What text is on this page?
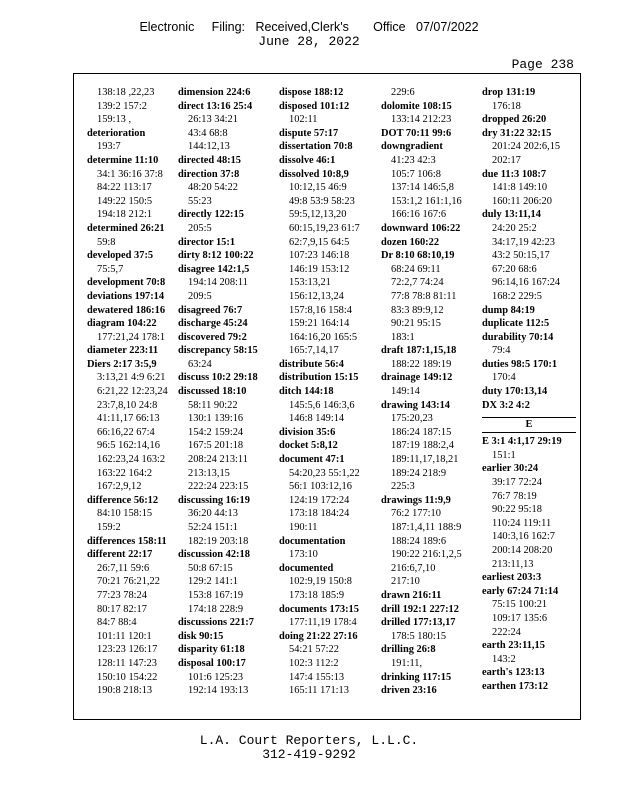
Electronic     Filing:   Received,Clerk's       Office   07/07/2022
June 28, 2022
Page 238
138:18 ,22,23
139:2 157:2
159:13 ,
deterioration
193:7
determine 11:10
34:1 36:16 37:8
84:22 113:17
149:22 150:5
194:18 212:1
determined 26:21
59:8
developed 37:5
75:5,7
development 70:8
deviations 197:14
dewatered 186:16
diagram 104:22
177:21,24 178:1
diameter 223:11
Diers 2:17 3:5,9
3:13,21 4:9 6:21
6:21,22 12:23,24
23:7,8,10 24:8
41:11,17 66:13
66:16,22 67:4
96:5 162:14,16
162:23,24 163:2
163:22 164:2
167:2,9,12
difference 56:12
84:10 158:15
159:2
differences 158:11
different 22:17
26:7,11 59:6
70:21 76:21,22
77:23 78:24
80:17 82:17
84:7 88:4
101:11 120:1
123:23 126:17
128:11 147:23
150:10 154:22
190:8 218:13
dimension 224:6
direct 13:16 25:4
26:13 34:21
43:4 68:8
144:12,13
directed 48:15
direction 37:8
48:20 54:22
55:23
directly 122:15
205:5
director 15:1
dirty 8:12 100:22
disagree 142:1,5
194:14 208:11
209:5
disagreed 76:7
discharge 45:24
discovered 79:2
discrepancy 58:15
63:24
discuss 10:2 29:18
discussed 18:10
58:11 90:22
130:1 139:16
154:2 159:24
167:5 201:18
208:24 213:11
213:13,15
222:24 223:15
discussing 16:19
36:20 44:13
52:24 151:1
182:19 203:18
discussion 42:18
50:8 67:15
129:2 141:1
153:8 167:19
174:18 228:9
discussions 221:7
disk 90:15
disparity 61:18
disposal 100:17
101:6 125:23
192:14 193:13
dispose 188:12
disposed 101:12
102:11
dispute 57:17
dissertation 70:8
dissolve 46:1
dissolved 10:8,9
10:12,15 46:9
49:8 53:9 58:23
59:5,12,13,20
60:15,19,23 61:7
62:7,9,15 64:5
107:23 146:18
146:19 153:12
153:13,21
156:12,13,24
157:8,16 158:4
159:21 164:14
164:16,20 165:5
165:7,14,17
distribute 56:4
distribution 15:15
ditch 144:18
145:5,6 146:3,6
146:8 149:14
division 35:6
docket 5:8,12
document 47:1
54:20,23 55:1,22
56:1 103:12,16
124:19 172:24
173:18 184:24
190:11
documentation
173:10
documented
102:9,19 150:8
173:18 185:9
documents 173:15
177:11,19 178:4
doing 21:22 27:16
54:21 57:22
102:3 112:2
147:4 155:13
165:11 171:13
229:6
dolomite 108:15
133:14 212:23
DOT 70:11 99:6
downgradient
41:23 42:3
105:7 106:8
137:14 146:5,8
153:1,2 161:1,16
166:16 167:6
downward 106:22
dozen 160:22
Dr 8:10 68:10,19
68:24 69:11
72:2,7 74:24
77:8 78:8 81:11
83:3 89:9,12
90:21 95:15
183:1
draft 187:1,15,18
188:22 189:19
drainage 149:12
149:14
drawing 143:14
175:20,23
186:24 187:15
187:19 188:2,4
189:11,17,18,21
189:24 218:9
225:3
drawings 11:9,9
76:2 177:10
187:1,4,11 188:9
188:24 189:6
190:22 216:1,2,5
216:6,7,10
217:10
drawn 216:11
drill 192:1 227:12
drilled 177:13,17
178:5 180:15
drilling 26:8
191:11,
drinking 117:15
driven 23:16
drop 131:19
176:18
dropped 26:20
dry 31:22 32:15
201:24 202:6,15
202:17
due 11:3 108:7
141:8 149:10
160:11 206:20
duly 13:11,14
24:20 25:2
34:17,19 42:23
43:2 50:15,17
67:20 68:6
96:14,16 167:24
168:2 229:5
dump 84:19
duplicate 112:5
durability 70:14
79:4
duties 98:5 170:1
170:4
duty 170:13,14
DX 3:2 4:2
E
E 3:1 4:1,17 29:19
151:1
earlier 30:24
39:17 72:24
76:7 78:19
90:22 95:18
110:24 119:11
140:3,16 162:7
200:14 208:20
213:11,13
earliest 203:3
early 67:24 71:14
75:15 100:21
109:17 135:6
222:24
earth 23:11,15
143:2
earth's 123:13
earthen 173:12
L.A. Court Reporters, L.L.C.
312-419-9292
